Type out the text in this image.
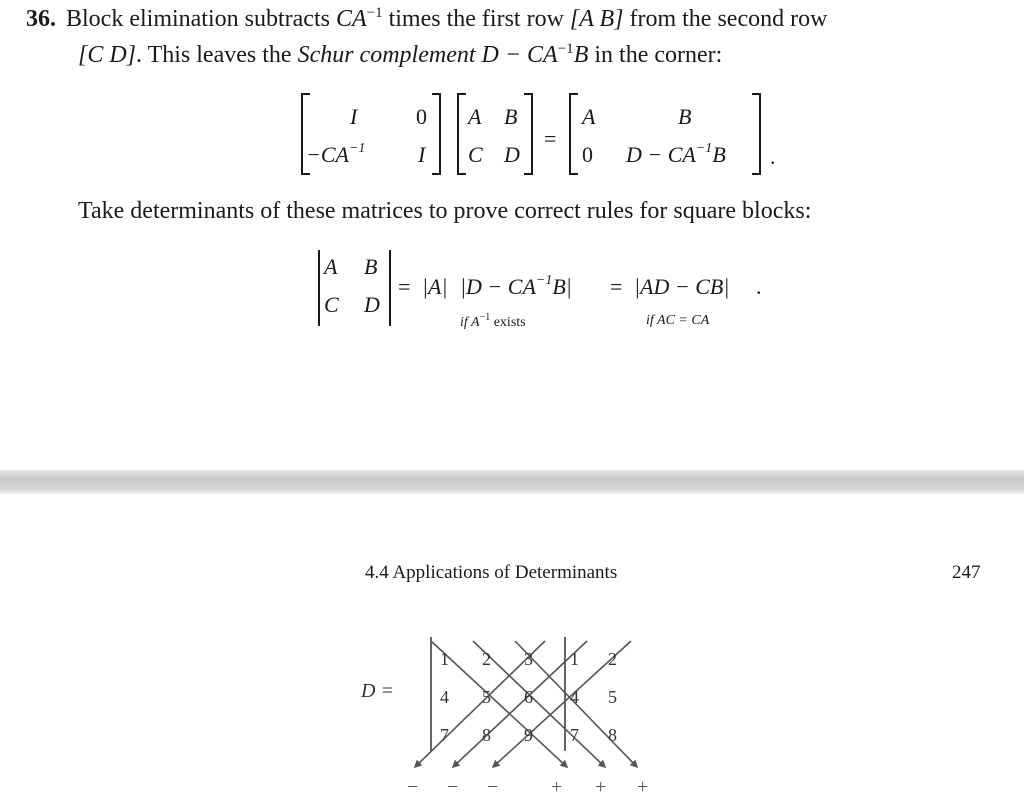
36. Block elimination subtracts $CA^{-1}$ times the first row [A B] from the second row
[C D]. This leaves the Schur complement $D - CA^{-1}B$ in the corner:
I	0
$-CA^{-1}$ I
A B
C D
=
A	B
0 $D - CA^{-1}B$ .
Take determinants of these matrices to prove correct rules for square blocks:
A B
C D
= |A| $|D - CA^{-1}B|$
if $A^{-1}$ exists
= |AD − CB|
if AC = CA
.
4.4 Applications of Determinants	247
D =
1 2 3 1 2
4 5 6 4 5
7 8 9 7 8
− − −	+ + +
